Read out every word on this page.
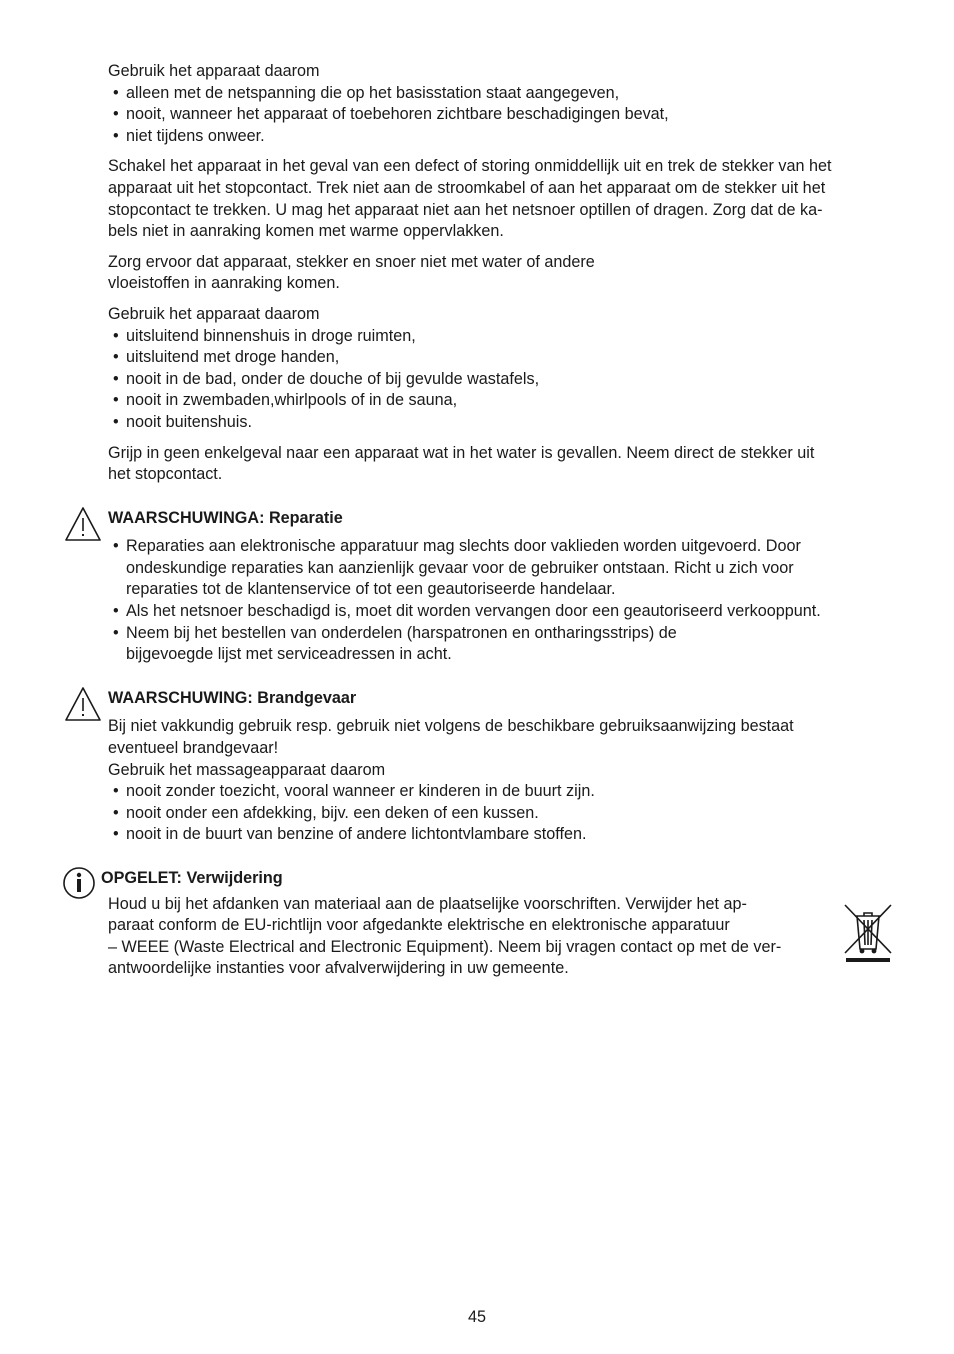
Gebruik het apparaat daarom

• alleen met de netspanning die op het basisstation staat aangegeven,
• nooit, wanneer het apparaat of toebehoren zichtbare beschadigingen bevat,
• niet tijdens onweer.

Schakel het apparaat in het geval van een defect of storing onmiddellijk uit en trek de stekker van het

apparaat uit het stopcontact. Trek niet aan de stroomkabel of aan het apparaat om de stekker uit het

stopcontact te trekken. U mag het apparaat niet aan het netsnoer optillen of dragen. Zorg dat de ka-

bels niet in aanraking komen met warme oppervlakken.

Zorg ervoor dat apparaat, stekker en snoer niet met water of andere

vloeistoffen in aanraking komen.

Gebruik het apparaat daarom

• uitsluitend binnenshuis in droge ruimten,
• uitsluitend met droge handen,
• nooit in de bad, onder de douche of bij gevulde wastafels,
• nooit in zwembaden,whirlpools of in de sauna,
• nooit buitenshuis.

Grijp in geen enkelgeval naar een apparaat wat in het water is gevallen. Neem direct de stekker uit

het stopcontact.

WAARSCHUWINGA: Reparatie

• Reparaties aan elektronische apparatuur mag slechts door vaklieden worden uitgevoerd. Door
ondeskundige reparaties kan aanzienlijk gevaar voor de gebruiker ontstaan. Richt u zich voor
reparaties tot de klantenservice of tot een geautoriseerde handelaar.
• Als het netsnoer beschadigd is, moet dit worden vervangen door een geautoriseerd verkooppunt.
• Neem bij het bestellen van onderdelen (harspatronen en ontharingsstrips) de
bijgevoegde lijst met serviceadressen in acht.

WAARSCHUWING: Brandgevaar

Bij niet vakkundig gebruik resp. gebruik niet volgens de beschikbare gebruiksaanwijzing bestaat

eventueel brandgevaar!

Gebruik het massageapparaat daarom

• nooit zonder toezicht, vooral wanneer er kinderen in de buurt zijn.
• nooit onder een afdekking, bijv. een deken of een kussen.
• nooit in de buurt van benzine of andere lichtontvlambare stoffen.

OPGELET: Verwijdering

Houd u bij het afdanken van materiaal aan de plaatselijke voorschriften. Verwijder het ap-

paraat conform de EU-richtlijn voor afgedankte elektrische en elektronische apparatuur

– WEEE (Waste Electrical and Electronic Equipment). Neem bij vragen contact op met de ver-

antwoordelijke instanties voor afvalverwijdering in uw gemeente.

45
